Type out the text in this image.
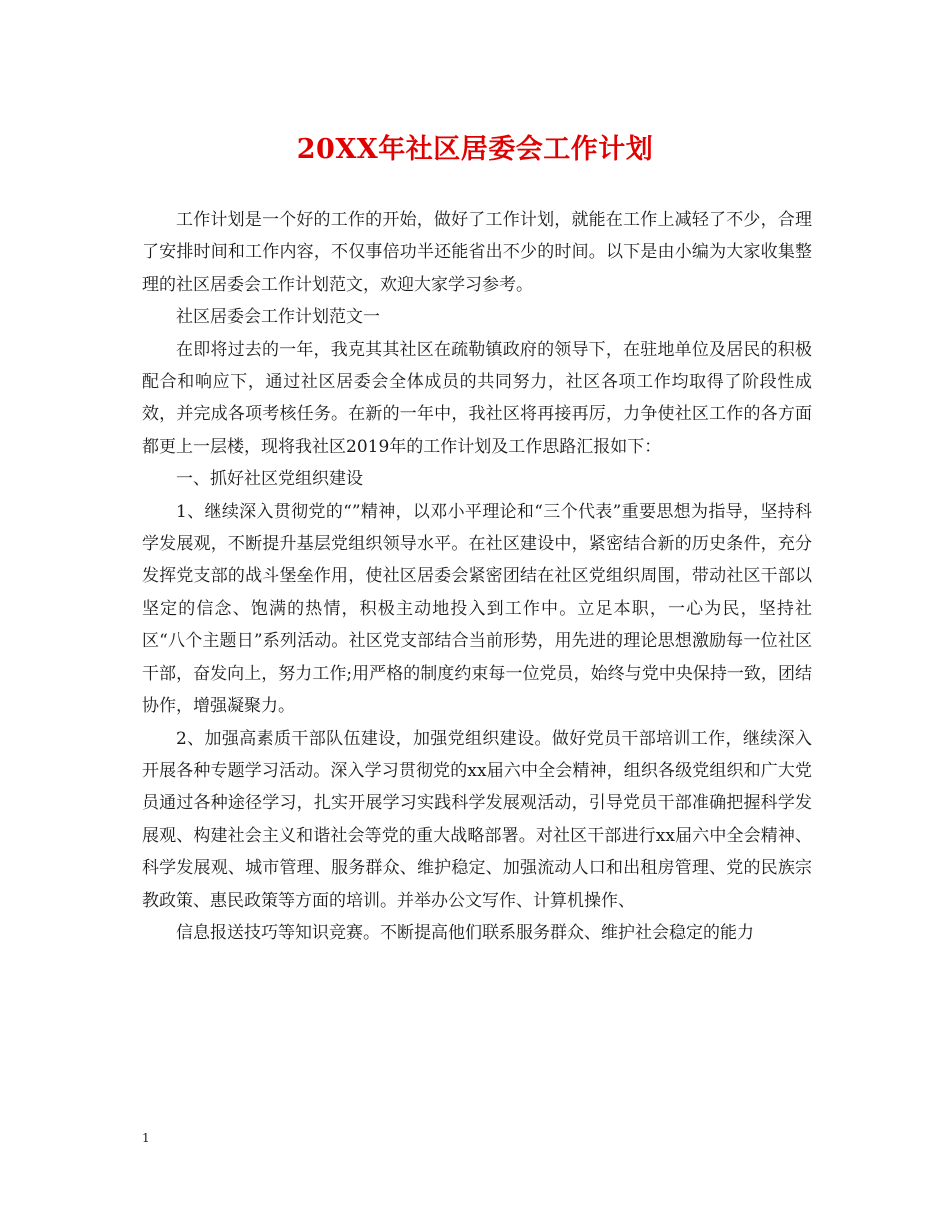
20XX年社区居委会工作计划

工作计划是一个好的工作的开始，做好了工作计划，就能在工作上减轻了不少，合理了安排时间和工作内容，不仅事倍功半还能省出不少的时间。以下是由小编为大家收集整理的社区居委会工作计划范文，欢迎大家学习参考。

社区居委会工作计划范文一

在即将过去的一年，我克其其社区在疏勒镇政府的领导下，在驻地单位及居民的积极配合和响应下，通过社区居委会全体成员的共同努力，社区各项工作均取得了阶段性成效，并完成各项考核任务。在新的一年中，我社区将再接再厉，力争使社区工作的各方面都更上一层楼，现将我社区2019年的工作计划及工作思路汇报如下：

一、抓好社区党组织建设

1、继续深入贯彻党的“”精神，以邓小平理论和“三个代表”重要思想为指导，坚持科学发展观，不断提升基层党组织领导水平。在社区建设中，紧密结合新的历史条件，充分发挥党支部的战斗堡垒作用，使社区居委会紧密团结在社区党组织周围，带动社区干部以坚定的信念、饱满的热情，积极主动地投入到工作中。立足本职，一心为民，坚持社区“八个主题日”系列活动。社区党支部结合当前形势，用先进的理论思想激励每一位社区干部，奋发向上，努力工作;用严格的制度约束每一位党员，始终与党中央保持一致，团结协作，增强凝聚力。

2、加强高素质干部队伍建设，加强党组织建设。做好党员干部培训工作，继续深入开展各种专题学习活动。深入学习贯彻党的xx届六中全会精神，组织各级党组织和广大党员通过各种途径学习，扎实开展学习实践科学发展观活动，引导党员干部准确把握科学发展观、构建社会主义和谐社会等党的重大战略部署。对社区干部进行xx届六中全会精神、科学发展观、城市管理、服务群众、维护稳定、加强流动人口和出租房管理、党的民族宗教政策、惠民政策等方面的培训。并举办公文写作、计算机操作、

信息报送技巧等知识竞赛。不断提高他们联系服务群众、维护社会稳定的能力

1
